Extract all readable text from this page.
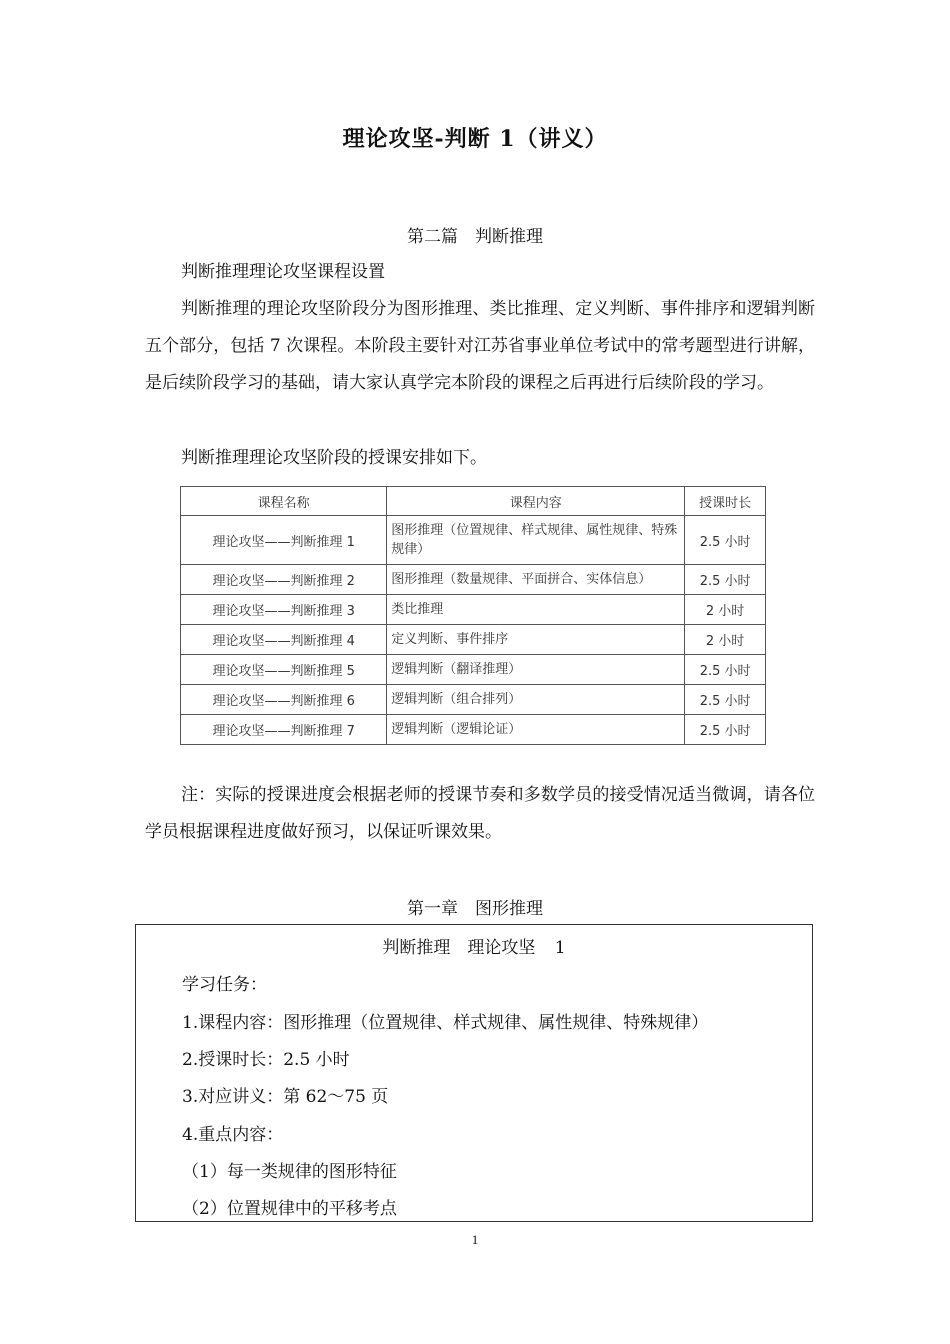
理论攻坚-判断 1（讲义）
第二篇　判断推理

判断推理理论攻坚课程设置

判断推理的理论攻坚阶段分为图形推理、类比推理、定义判断、事件排序和逻辑判断五个部分，包括 7 次课程。本阶段主要针对江苏省事业单位考试中的常考题型进行讲解，是后续阶段学习的基础，请大家认真学完本阶段的课程之后再进行后续阶段的学习。

判断推理理论攻坚阶段的授课安排如下。

课程名称	课程内容	授课时长
理论攻坚——判断推理 1	图形推理（位置规律、样式规律、属性规律、特殊规律）	2.5 小时
理论攻坚——判断推理 2	图形推理（数量规律、平面拼合、实体信息）	2.5 小时
理论攻坚——判断推理 3	类比推理	2 小时
理论攻坚——判断推理 4	定义判断、事件排序	2 小时
理论攻坚——判断推理 5	逻辑判断（翻译推理）	2.5 小时
理论攻坚——判断推理 6	逻辑判断（组合排列）	2.5 小时
理论攻坚——判断推理 7	逻辑判断（逻辑论证）	2.5 小时

注：实际的授课进度会根据老师的授课节奏和多数学员的接受情况适当微调，请各位学员根据课程进度做好预习，以保证听课效果。

第一章　图形推理
判断推理　理论攻坚 1
学习任务：
1.课程内容：图形推理（位置规律、样式规律、属性规律、特殊规律）
2.授课时长：2.5 小时
3.对应讲义：第 62～75 页
4.重点内容：
（1）每一类规律的图形特征
（2）位置规律中的平移考点
1
